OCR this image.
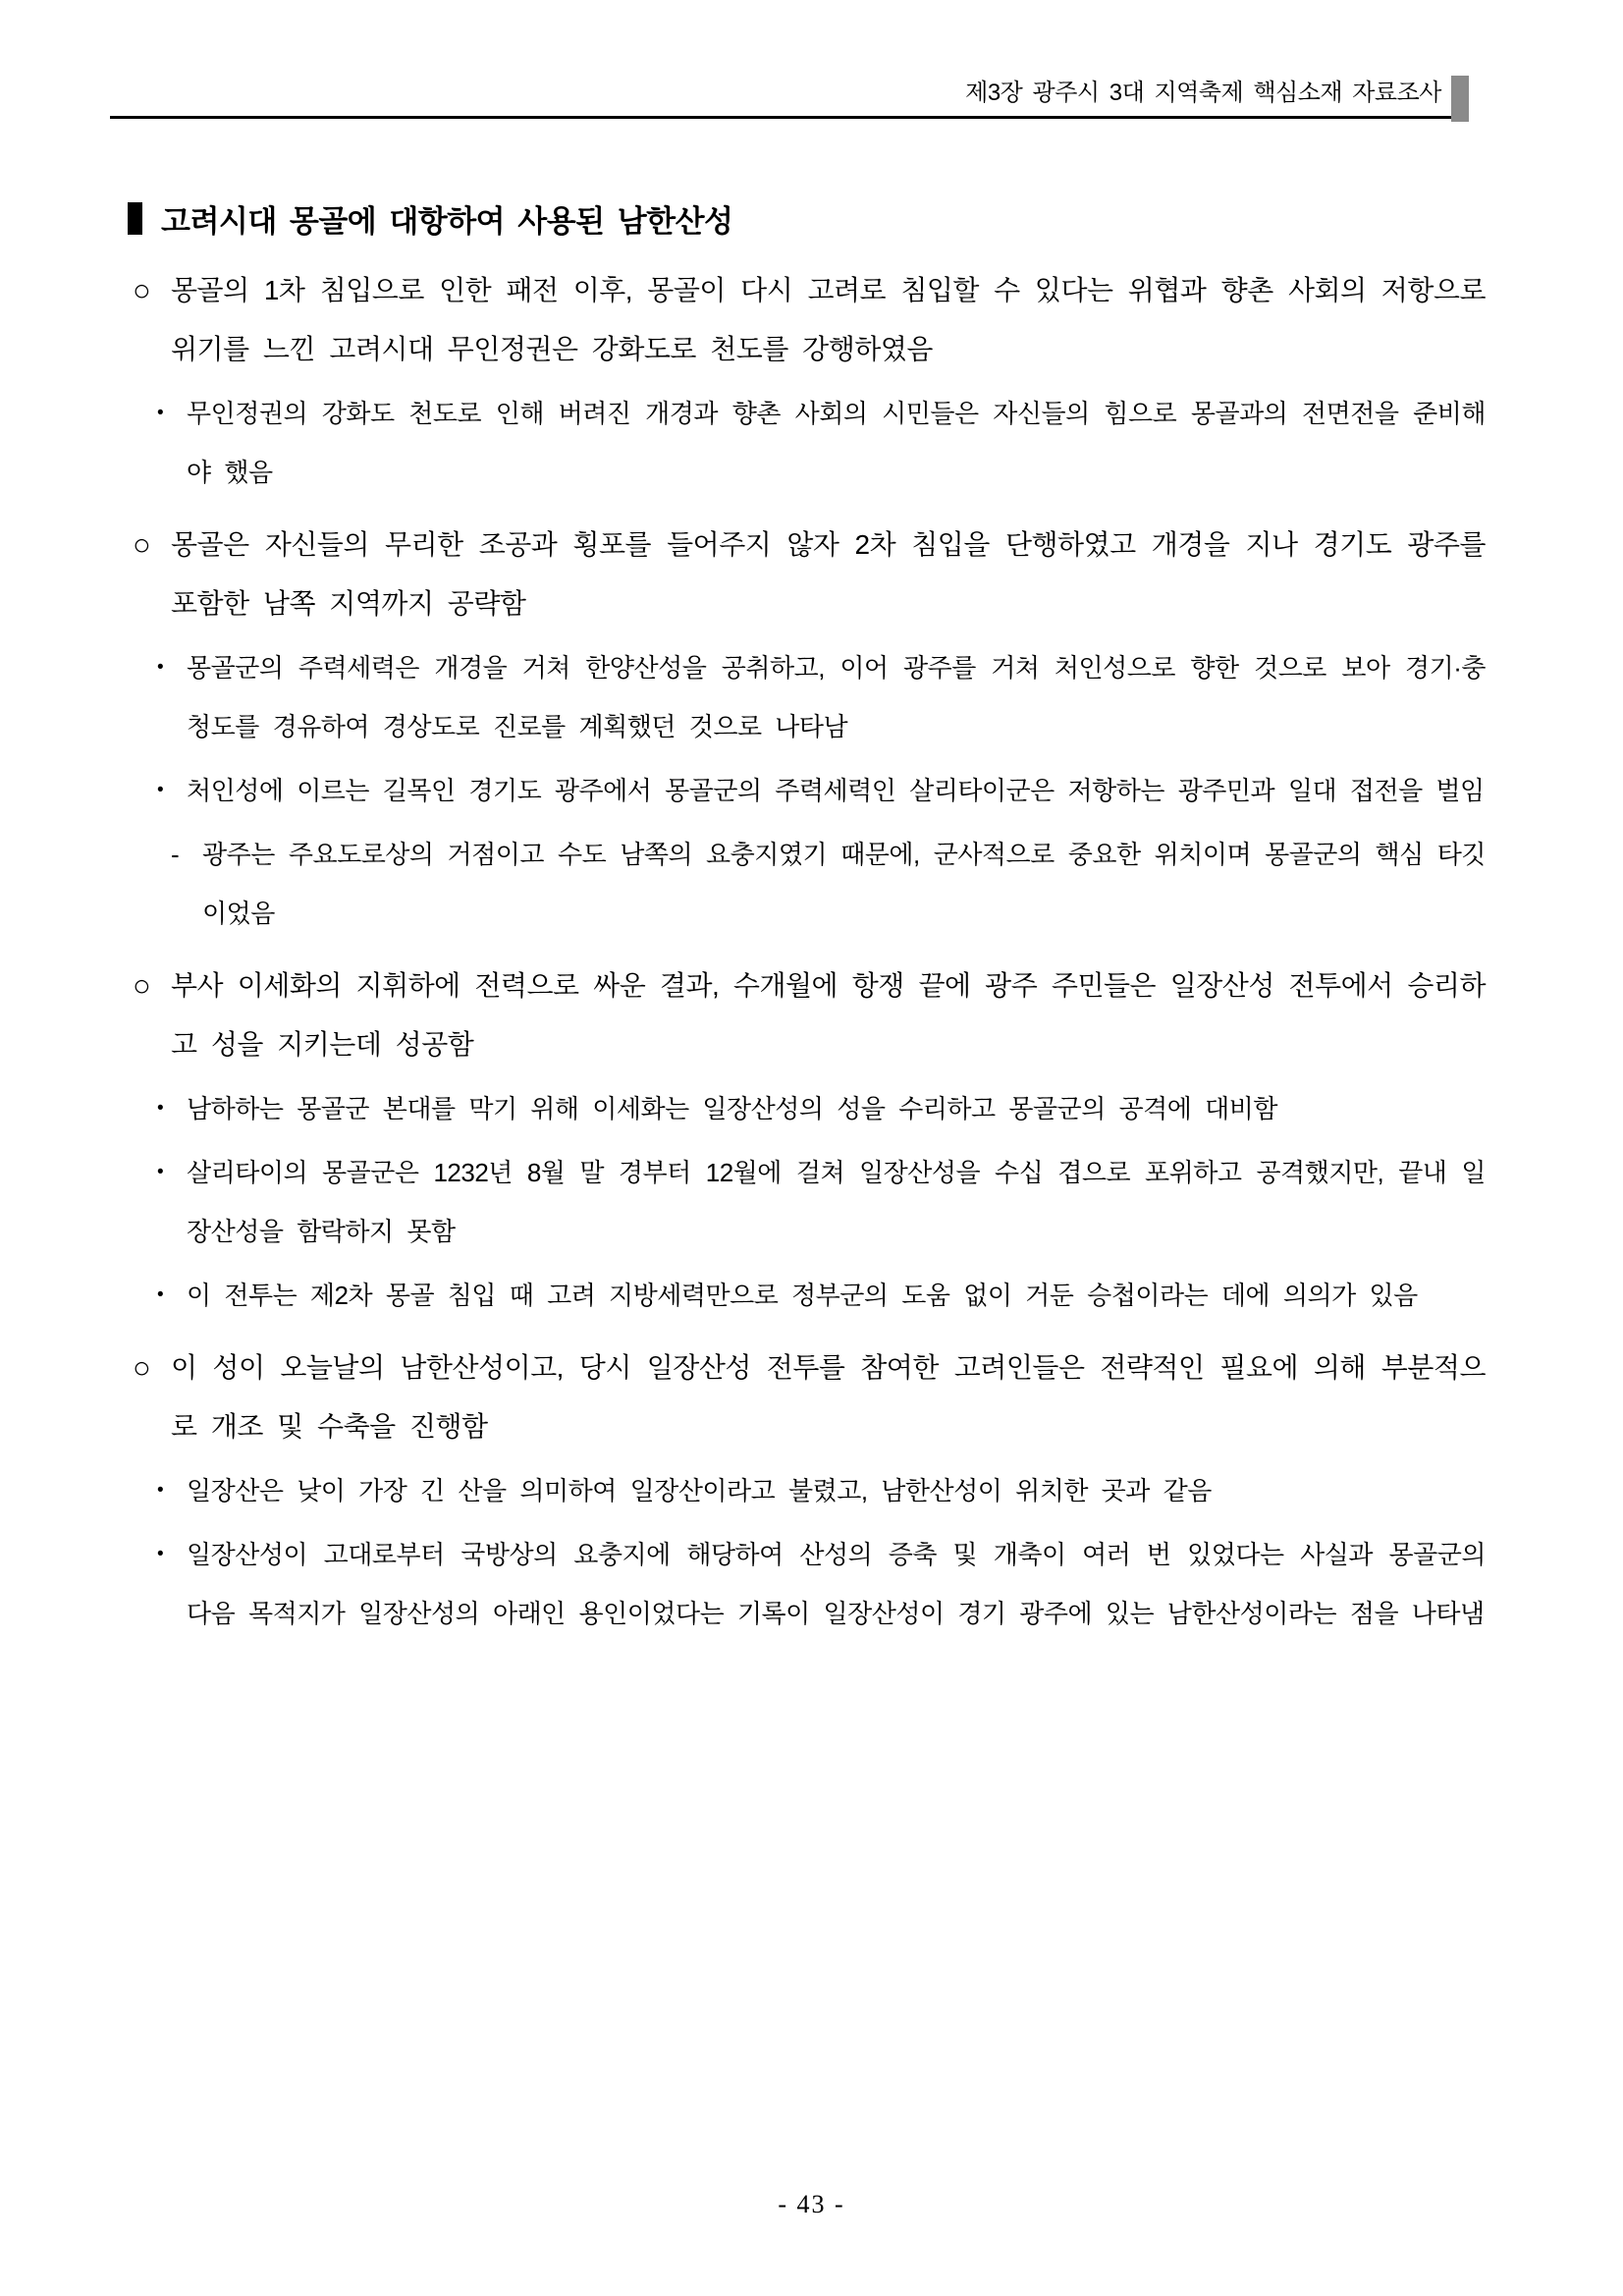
제3장 광주시 3대 지역축제 핵심소재 자료조사
고려시대 몽골에 대항하여 사용된 남한산성
○ 몽골의 1차 침입으로 인한 패전 이후, 몽골이 다시 고려로 침입할 수 있다는 위협과 향촌 사회의 저항으로 위기를 느낀 고려시대 무인정권은 강화도로 천도를 강행하였음
• 무인정권의 강화도 천도로 인해 버려진 개경과 향촌 사회의 시민들은 자신들의 힘으로 몽골과의 전면전을 준비해야 했음
○ 몽골은 자신들의 무리한 조공과 횡포를 들어주지 않자 2차 침입을 단행하였고 개경을 지나 경기도 광주를 포함한 남쪽 지역까지 공략함
• 몽골군의 주력세력은 개경을 거쳐 한양산성을 공취하고, 이어 광주를 거쳐 처인성으로 향한 것으로 보아 경기·충청도를 경유하여 경상도로 진로를 계획했던 것으로 나타남
• 처인성에 이르는 길목인 경기도 광주에서 몽골군의 주력세력인 살리타이군은 저항하는 광주민과 일대 접전을 벌임
- 광주는 주요도로상의 거점이고 수도 남쪽의 요충지였기 때문에, 군사적으로 중요한 위치이며 몽골군의 핵심 타깃이었음
○ 부사 이세화의 지휘하에 전력으로 싸운 결과, 수개월에 항쟁 끝에 광주 주민들은 일장산성 전투에서 승리하고 성을 지키는데 성공함
• 남하하는 몽골군 본대를 막기 위해 이세화는 일장산성의 성을 수리하고 몽골군의 공격에 대비함
• 살리타이의 몽골군은 1232년 8월 말 경부터 12월에 걸쳐 일장산성을 수십 겹으로 포위하고 공격했지만, 끝내 일장산성을 함락하지 못함
• 이 전투는 제2차 몽골 침입 때 고려 지방세력만으로 정부군의 도움 없이 거둔 승첩이라는 데에 의의가 있음
○ 이 성이 오늘날의 남한산성이고, 당시 일장산성 전투를 참여한 고려인들은 전략적인 필요에 의해 부분적으로 개조 및 수축을 진행함
• 일장산은 낮이 가장 긴 산을 의미하여 일장산이라고 불렸고, 남한산성이 위치한 곳과 같음
• 일장산성이 고대로부터 국방상의 요충지에 해당하여 산성의 증축 및 개축이 여러 번 있었다는 사실과 몽골군의 다음 목적지가 일장산성의 아래인 용인이었다는 기록이 일장산성이 경기 광주에 있는 남한산성이라는 점을 나타냄
- 43 -
